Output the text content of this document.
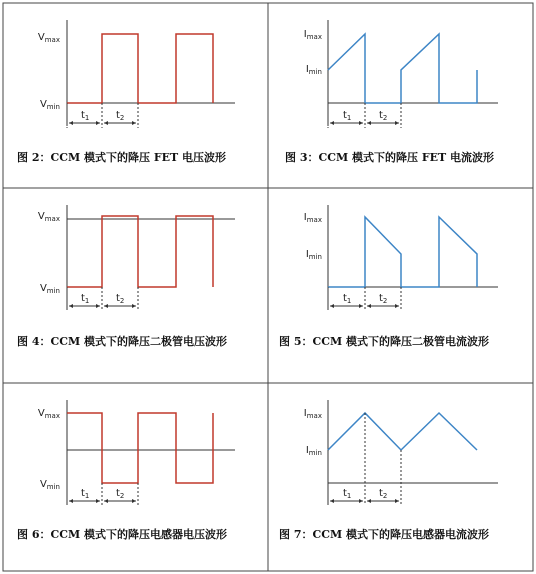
$V_{max}$
$V_{min}$
$t_1$	$t_2$
$I_{max}$
$I_{min}$
$t_1$	$t_2$
$V_{max}$
$V_{min}$
$t_1$	$t_2$
$I_{max}$
$I_{min}$
$t_1$	$t_2$
$V_{max}$
$V_{min}$
$t_1$	$t_2$
$I_{max}$
$I_{min}$
$t_1$	$t_2$
图 2：CCM 模式下的降压 FET 电压波形	图 3：CCM 模式下的降压 FET 电流波形
图 4：CCM 模式下的降压二极管电压波形	图 5：CCM 模式下的降压二极管电流波形
图 6：CCM 模式下的降压电感器电压波形	图 7：CCM 模式下的降压电感器电流波形
